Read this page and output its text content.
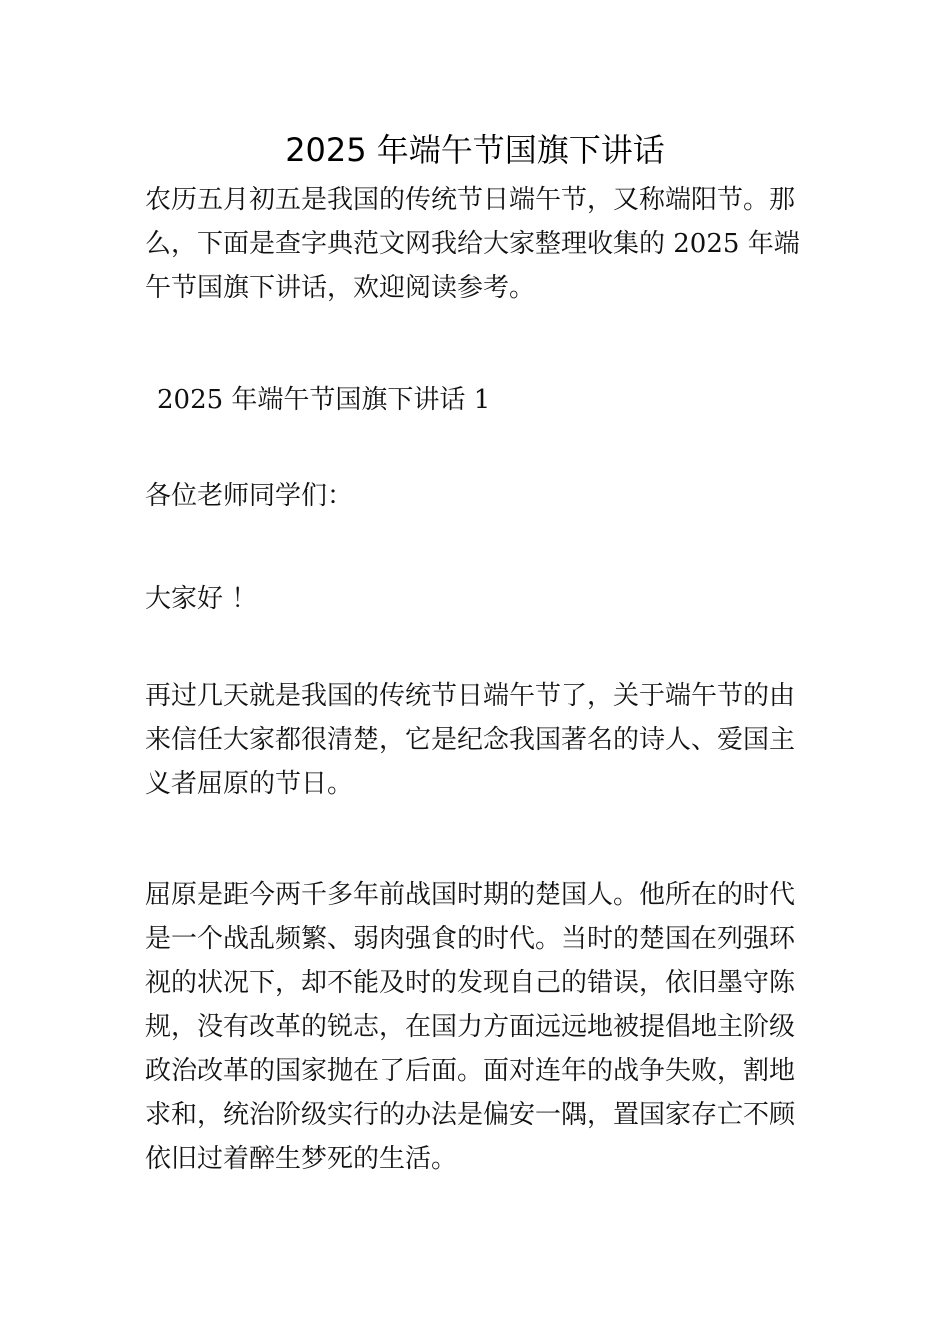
2025 年端午节国旗下讲话

农历五月初五是我国的传统节日端午节，又称端阳节。那么，下面是查字典范文网我给大家整理收集的 2025 年端午节国旗下讲话，欢迎阅读参考。

2025 年端午节国旗下讲话 1

各位老师同学们：

大家好 ！

再过几天就是我国的传统节日端午节了，关于端午节的由来信任大家都很清楚，它是纪念我国著名的诗人、爱国主义者屈原的节日。

屈原是距今两千多年前战国时期的楚国人。他所在的时代是一个战乱频繁、弱肉强食的时代。当时的楚国在列强环视的状况下，却不能及时的发现自己的错误，依旧墨守陈规，没有改革的锐志，在国力方面远远地被提倡地主阶级政治改革的国家抛在了后面。面对连年的战争失败，割地求和，统治阶级实行的办法是偏安一隅，置国家存亡不顾依旧过着醉生梦死的生活。
